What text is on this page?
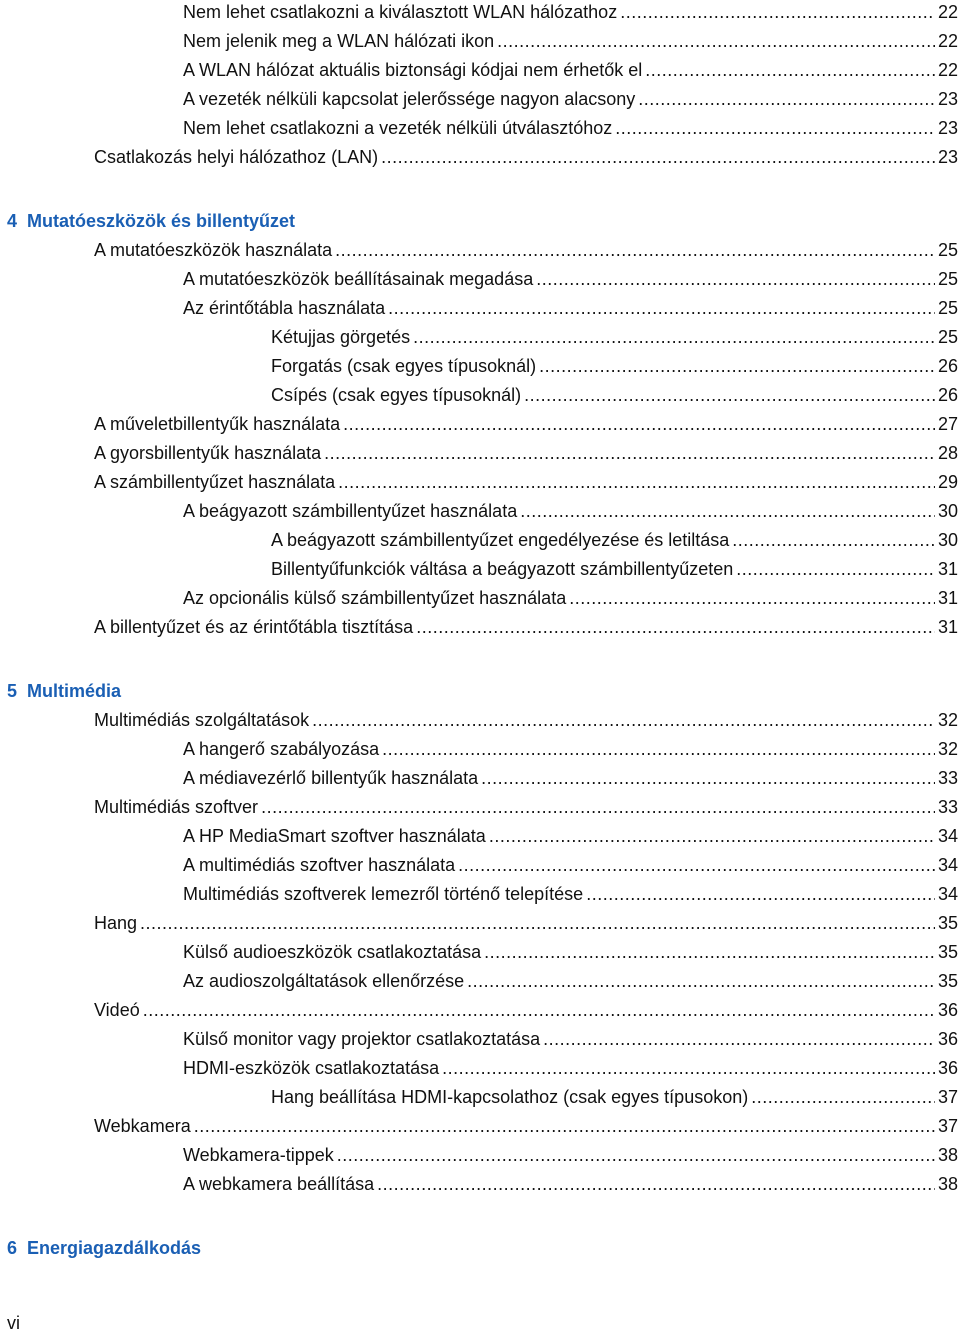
Nem lehet csatlakozni a kiválasztott WLAN hálózathoz .....	22
Nem jelenik meg a WLAN hálózati ikon .....	22
A WLAN hálózat aktuális biztonsági kódjai nem érhetők el .....	22
A vezeték nélküli kapcsolat jelerőssége nagyon alacsony .....	23
Nem lehet csatlakozni a vezeték nélküli útválasztóhoz .....	23
Csatlakozás helyi hálózathoz (LAN) .....	23
4 Mutatóeszközök és billentyűzet
A mutatóeszközök használata .....	25
A mutatóeszközök beállításainak megadása .....	25
Az érintőtábla használata .....	25
Kétujjas görgetés .....	25
Forgatás (csak egyes típusoknál) .....	26
Csípés (csak egyes típusoknál) .....	26
A műveletbillentyűk használata .....	27
A gyorsbillentyűk használata .....	28
A számbillentyűzet használata .....	29
A beágyazott számbillentyűzet használata .....	30
A beágyazott számbillentyűzet engedélyezése és letiltása .....	30
Billentyűfunkciók váltása a beágyazott számbillentyűzeten .....	31
Az opcionális külső számbillentyűzet használata .....	31
A billentyűzet és az érintőtábla tisztítása .....	31
5 Multimédia
Multimédiás szolgáltatások .....	32
A hangerő szabályozása .....	32
A médiavezérlő billentyűk használata .....	33
Multimédiás szoftver .....	33
A HP MediaSmart szoftver használata .....	34
A multimédiás szoftver használata .....	34
Multimédiás szoftverek lemezről történő telepítése .....	34
Hang .....	35
Külső audioeszközök csatlakoztatása .....	35
Az audioszolgáltatások ellenőrzése .....	35
Videó .....	36
Külső monitor vagy projektor csatlakoztatása .....	36
HDMI-eszközök csatlakoztatása .....	36
Hang beállítása HDMI-kapcsolathoz (csak egyes típusokon) .....	37
Webkamera .....	37
Webkamera-tippek .....	38
A webkamera beállítása .....	38
6 Energiagazdálkodás
vi
